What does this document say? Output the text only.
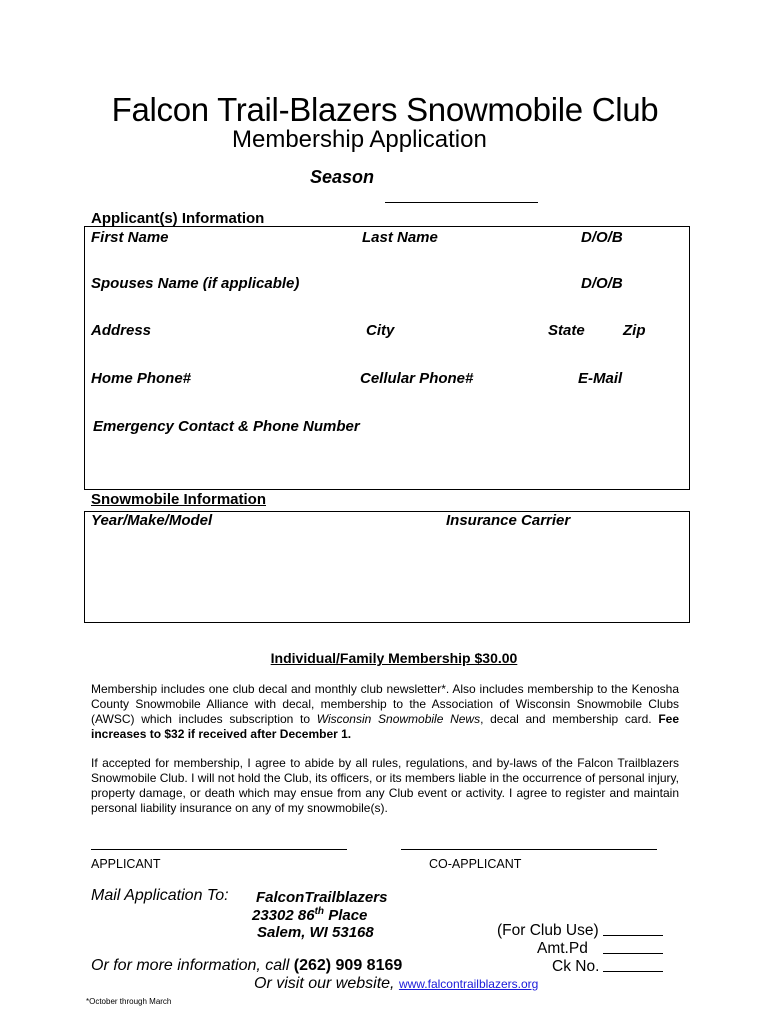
Falcon Trail-Blazers Snowmobile Club
Membership Application
Season
Applicant(s) Information
First Name	Last Name	D/O/B
Spouses Name (if applicable)	D/O/B
Address	City	State	Zip
Home Phone#	Cellular Phone#	E-Mail
Emergency Contact & Phone Number
Snowmobile Information
Year/Make/Model	Insurance Carrier
Individual/Family Membership $30.00
Membership includes one club decal and monthly club newsletter*. Also includes membership to the Kenosha County Snowmobile Alliance with decal, membership to the Association of Wisconsin Snowmobile Clubs (AWSC) which includes subscription to Wisconsin Snowmobile News, decal and membership card. Fee increases to $32 if received after December 1.
If accepted for membership, I agree to abide by all rules, regulations, and by-laws of the Falcon Trailblazers Snowmobile Club. I will not hold the Club, its officers, or its members liable in the occurrence of personal injury, property damage, or death which may ensue from any Club event or activity. I agree to register and maintain personal liability insurance on any of my snowmobile(s).
APPLICANT	CO-APPLICANT
Mail Application To: FalconTrailblazers
23302 86th Place
Salem, WI 53168
Or for more information, call (262) 909 8169
Or visit our website, www.falcontrailblazers.org
(For Club Use)
Amt.Pd
Ck No.
*October through March
